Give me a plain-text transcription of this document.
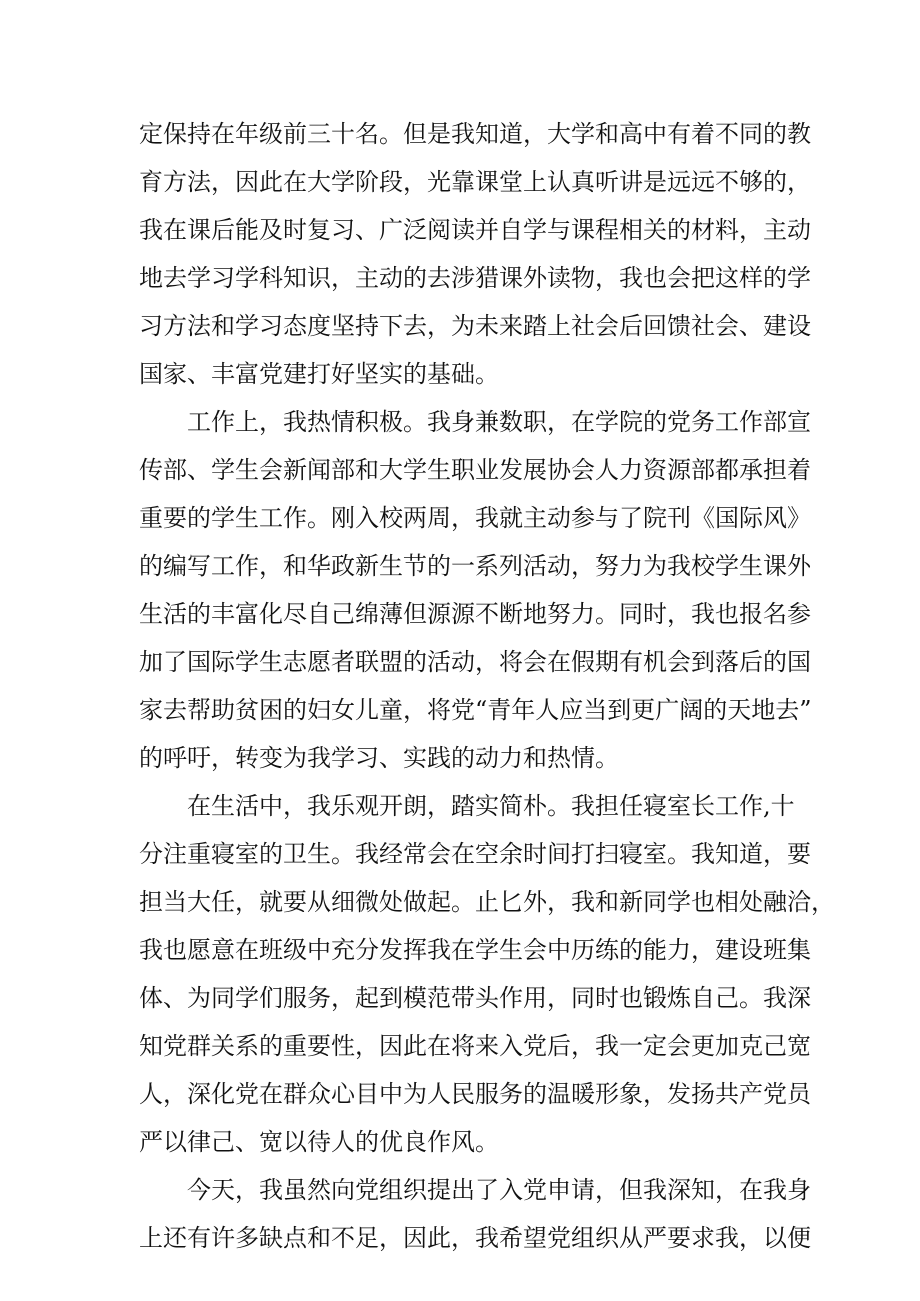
定保持在年级前三十名。但是我知道，大学和高中有着不同的教
育方法，因此在大学阶段，光靠课堂上认真听讲是远远不够的，
我在课后能及时复习、广泛阅读并自学与课程相关的材料，主动
地去学习学科知识，主动的去涉猎课外读物，我也会把这样的学
习方法和学习态度坚持下去，为未来踏上社会后回馈社会、建设
国家、丰富党建打好坚实的基础。
工作上，我热情积极。我身兼数职，在学院的党务工作部宣
传部、学生会新闻部和大学生职业发展协会人力资源部都承担着
重要的学生工作。刚入校两周，我就主动参与了院刊《国际风》
的编写工作，和华政新生节的一系列活动，努力为我校学生课外
生活的丰富化尽自己绵薄但源源不断地努力。同时，我也报名参
加了国际学生志愿者联盟的活动，将会在假期有机会到落后的国
家去帮助贫困的妇女儿童，将党“青年人应当到更广阔的天地去”
的呼吁，转变为我学习、实践的动力和热情。
在生活中，我乐观开朗，踏实简朴。我担任寝室长工作,十
分注重寝室的卫生。我经常会在空余时间打扫寝室。我知道，要
担当大任，就要从细微处做起。止匕外，我和新同学也相处融洽，
我也愿意在班级中充分发挥我在学生会中历练的能力，建设班集
体、为同学们服务，起到模范带头作用，同时也锻炼自己。我深
知党群关系的重要性，因此在将来入党后，我一定会更加克己宽
人，深化党在群众心目中为人民服务的温暖形象，发扬共产党员
严以律己、宽以待人的优良作风。
今天，我虽然向党组织提出了入党申请，但我深知，在我身
上还有许多缺点和不足，因此，我希望党组织从严要求我，以便
